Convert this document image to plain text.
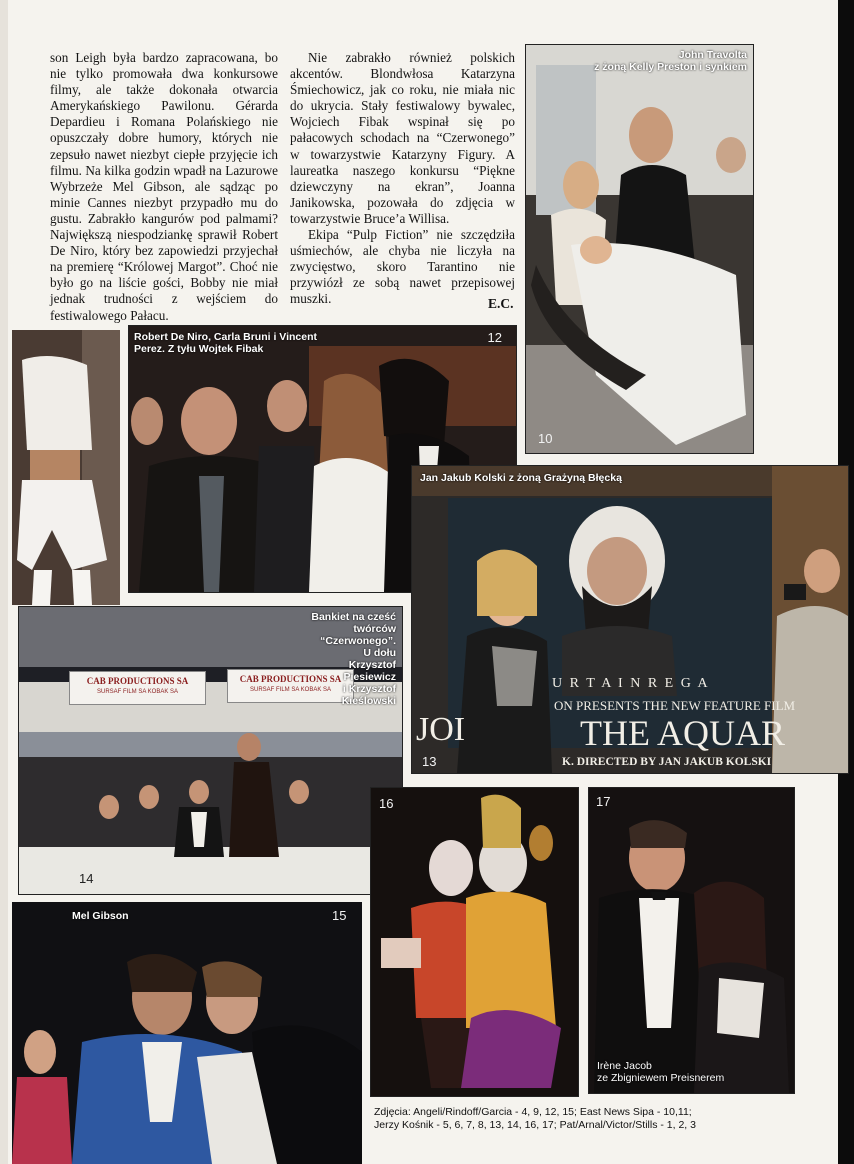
son Leigh była bardzo zapracowana, bo nie tylko promowała dwa konkursowe filmy, ale także dokonała otwarcia Amerykańskiego Pawilonu. Gérarda Depardieu i Romana Polańskiego nie opuszczały dobre humory, których nie zepsuło nawet niezbyt ciepłe przyjęcie ich filmu. Na kilka godzin wpadł na Lazurowe Wybrzeże Mel Gibson, ale sądząc po minie Cannes niezbyt przypadło mu do gustu. Zabrakło kangurów pod palmami? Największą niespodziankę sprawił Robert De Niro, który bez zapowiedzi przyjechał na premierę “Królowej Margot”. Choć nie było go na liście gości, Bobby nie miał jednak trudności z wejściem do festiwalowego Pałacu.

Nie zabrakło również polskich akcentów. Blondwłosa Katarzyna Śmiechowicz, jak co roku, nie miała nic do ukrycia. Stały festiwalowy bywalec, Wojciech Fibak wspinał się po pałacowych schodach na “Czerwonego” w towarzystwie Katarzyny Figury. A laureatka naszego konkursu “Piękne dziewczyny na ekran”, Joanna Janikowska, pozowała do zdjęcia w towarzystwie Bruce’a Willisa.

Ekipa “Pulp Fiction” nie szczędziła uśmiechów, ale chyba nie liczyła na zwycięstwo, skoro Tarantino nie przywiózł ze sobą nawet przepisowej muszki.	E.C.
John Travolta
z żoną Kelly Preston i synkiem
10
Robert De Niro, Carla Bruni i Vincent
Perez. Z tyłu Wojtek Fibak
12
Jan Jakub Kolski z żoną Grażyną Błęcką
U R T A I N R E G A
ON PRESENTS THE NEW FEATURE FILM
JOI	THE AQUAR
K. DIRECTED BY JAN JAKUB KOLSKI
13
CAB PRODUCTIONS SA
SURSAF FILM SA KOBAK SA
CAB PRODUCTIONS SA
SURSAF FILM SA KOBAK SA
Bankiet na cześć
twórców
“Czerwonego”.
U dołu
Krzysztof
Piesiewicz
i Krzysztof
Kieślowski
14
Mel Gibson	15
16	17
Irène Jacob
ze Zbigniewem Preisnerem
Zdjęcia: Angeli/Rindoff/Garcia - 4, 9, 12, 15; East News Sipa - 10,11;
Jerzy Kośnik - 5, 6, 7, 8, 13, 14, 16, 17; Pat/Arnal/Victor/Stills - 1, 2, 3
